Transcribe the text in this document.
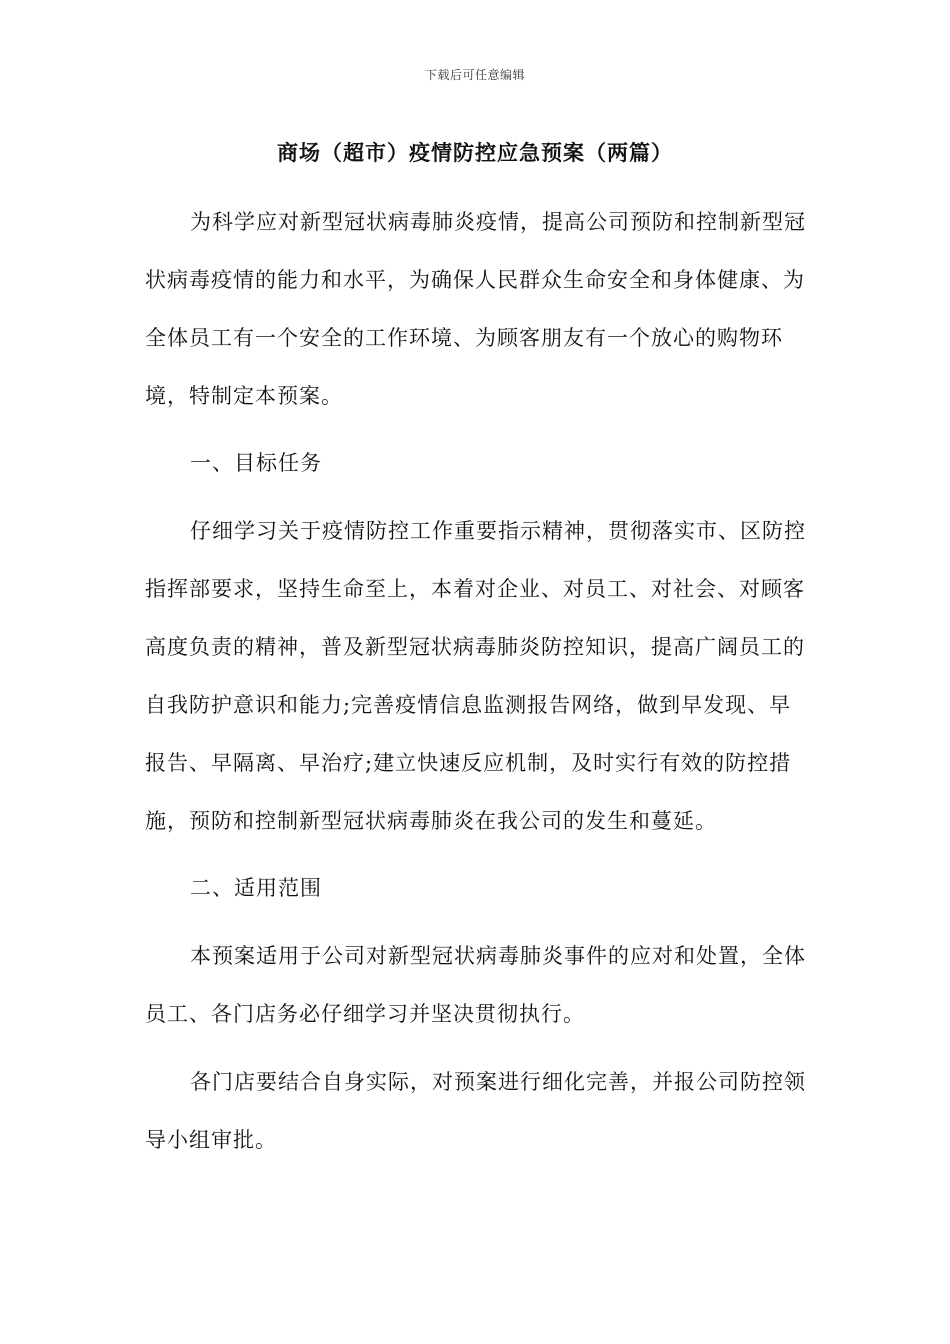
下载后可任意编辑
商场（超市）疫情防控应急预案（两篇）

为科学应对新型冠状病毒肺炎疫情，提高公司预防和控制新型冠状病毒疫情的能力和水平，为确保人民群众生命安全和身体健康、为全体员工有一个安全的工作环境、为顾客朋友有一个放心的购物环境，特制定本预案。

一、目标任务

仔细学习关于疫情防控工作重要指示精神，贯彻落实市、区防控指挥部要求，坚持生命至上，本着对企业、对员工、对社会、对顾客高度负责的精神，普及新型冠状病毒肺炎防控知识，提高广阔员工的自我防护意识和能力;完善疫情信息监测报告网络，做到早发现、早报告、早隔离、早治疗;建立快速反应机制，及时实行有效的防控措施，预防和控制新型冠状病毒肺炎在我公司的发生和蔓延。

二、适用范围

本预案适用于公司对新型冠状病毒肺炎事件的应对和处置，全体员工、各门店务必仔细学习并坚决贯彻执行。

各门店要结合自身实际，对预案进行细化完善，并报公司防控领导小组审批。
